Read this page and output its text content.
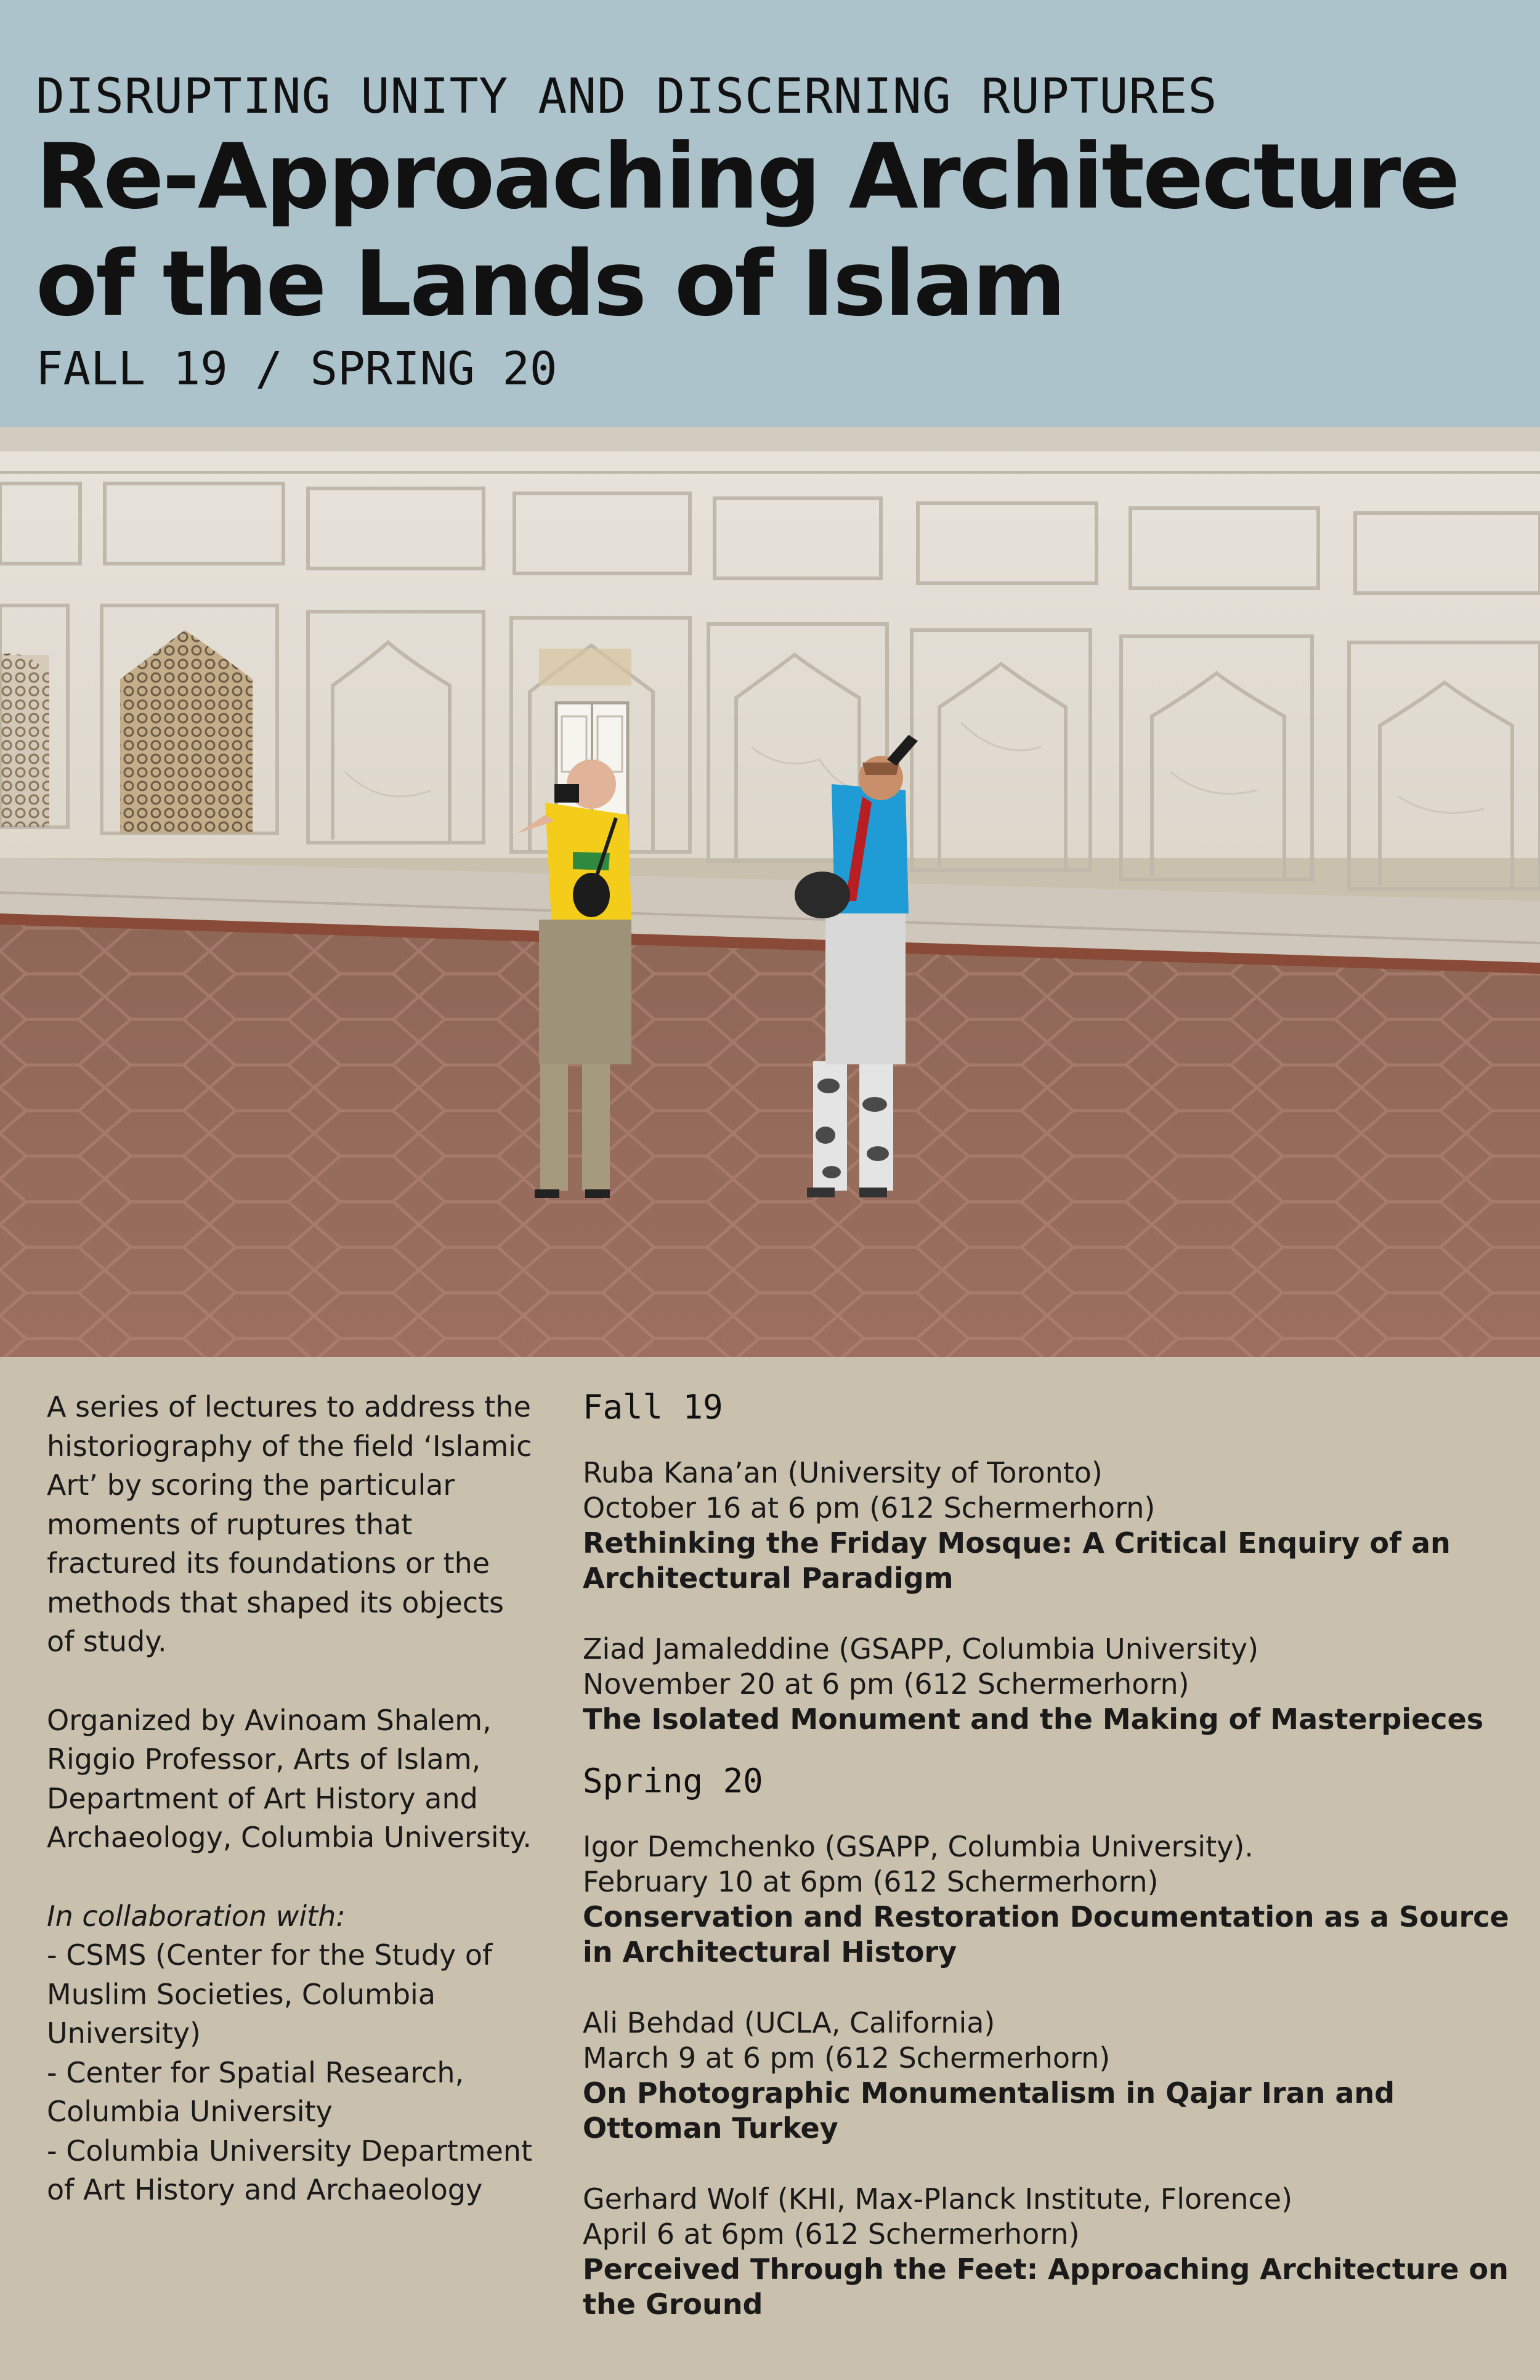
DISRUPTING UNITY AND DISCERNING RUPTURES
Re-Approaching Architecture
of the Lands of Islam
FALL 19 / SPRING 20

A series of lectures to address the historiography of the field ‘Islamic Art’ by scoring the particular moments of ruptures that fractured its foundations or the methods that shaped its objects of study.

Organized by Avinoam Shalem, Riggio Professor, Arts of Islam, Department of Art History and Archaeology, Columbia University.

In collaboration with:
- CSMS (Center for the Study of Muslim Societies, Columbia University)
- Center for Spatial Research, Columbia University
- Columbia University Department of Art History and Archaeology
Fall 19
Ruba Kana’an (University of Toronto)
October 16 at 6 pm (612 Schermerhorn)
Rethinking the Friday Mosque: A Critical Enquiry of an Architectural Paradigm
Ziad Jamaleddine (GSAPP, Columbia University)
November 20 at 6 pm (612 Schermerhorn)
The Isolated Monument and the Making of Masterpieces
Spring 20
Igor Demchenko (GSAPP, Columbia University).
February 10 at 6pm (612 Schermerhorn)
Conservation and Restoration Documentation as a Source in Architectural History
Ali Behdad (UCLA, California)
March 9 at 6 pm (612 Schermerhorn)
On Photographic Monumentalism in Qajar Iran and Ottoman Turkey
Gerhard Wolf (KHI, Max-Planck Institute, Florence)
April 6 at 6pm (612 Schermerhorn)
Perceived Through the Feet: Approaching Architecture on the Ground
